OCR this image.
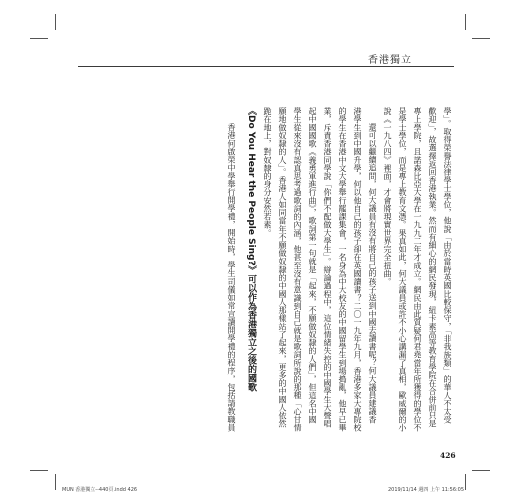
香港獨立
學」。取得榮譽法律學士學位，他說「由於當時英國比較保守，「非我族類」的華人不太受
歡迎」，故選擇返回香港執業。然而有細心的網民發現，紐卡素高等教育學院在合併前只是
專上學院，且諾森比亞大學在一九九二年才成立。網民由此質疑何君堯當年所獲得的學位不
是學士學位，而是專上教育文憑。果真如此，何大議員或許不小心講漏了真相，歐威爾的小
說《一九八四》裡面，才會將現實世界完全扭曲。
還可以繼續追問，何大議員有沒有將自己的孩子送到中國去讀書呢？何大議員建議香
港學生到中國升學，何以他自己的孩子卻在英國讀書？二〇一九年九月，香港多家大專院校
的學生在香港中文大學舉行罷課集會，一名身為中大校友的中國留學生到場搗亂，他早已畢
業，斥責香港同學說「你們不配做大學生」。辯論過程中，這位情緒失控的中國學生大聲唱
起中國國歌《義勇軍進行曲》，歌詞第一句就是「起來，不願做奴隸的人們」，但這名中國
學生從來沒有認真思考過歌詞的內涵，他甚至沒有意識到自己就是歌詞所說的那種「心甘情
願地做奴隸的人」。香港人如同當年不願做奴隸的中國人那樣站了起來，更多的中國人依然
跪在地上，對奴隸的身分安然若素。
《Do You Hear the People Sing?》可以作為香港獨立之後的國歌
香港何啟榮中學舉行開學禮，開始時，學生司儀如常宣讀開學禮的程序，包括請教職員
426
MUN 香港獨立--440頁.indd 426	2019/11/14 週四 上午 11:56:05
